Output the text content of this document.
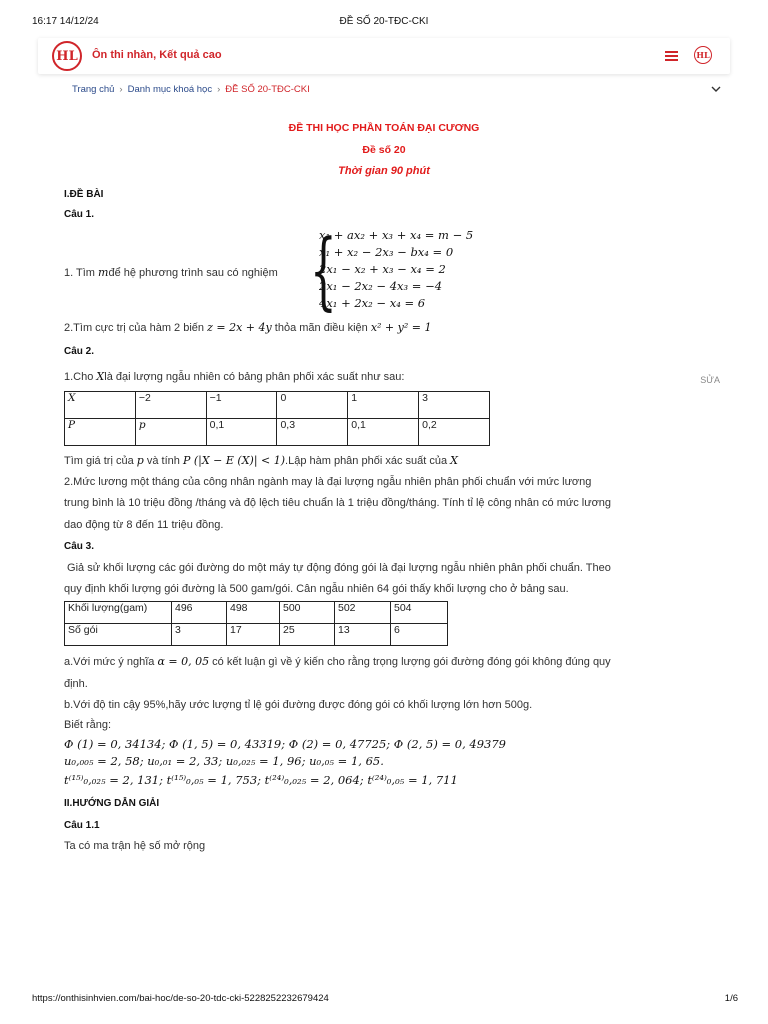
16:17 14/12/24	ĐỀ SỐ 20-TĐC-CKI
HL Ôn thi nhàn, Kết quả cao	HL
Trang chủ › Danh mục khoá học › ĐỀ SỐ 20-TĐC-CKI
ĐỀ THI HỌC PHẦN TOÁN ĐẠI CƯƠNG
Đề số 20
Thời gian 90 phút
I.ĐỀ BÀI
Câu 1.
1. Tìm mđể hệ phương trình sau có nghiệm {
x₁ + ax₂ + x₃ + x₄ = m − 5
x₁ + x₂ − 2x₃ − bx₄ = 0
2x₁ − x₂ + x₃ − x₄ = 2
2x₁ − 2x₂ − 4x₃ = −4
4x₁ + 2x₂ − x₄ = 6
2.Tìm cực trị của hàm 2 biến z = 2x + 4y thỏa mãn điều kiện x² + y² = 1
Câu 2.
1.Cho Xlà đại lượng ngẫu nhiên có bảng phân phối xác suất như sau:	SỬA
X	−2	−1	0	1	3
P	p	0,1	0,3	0,1	0,2
Tìm giá trị của p và tính P (|X − E (X)| < 1).Lập hàm phân phối xác suất của X
2.Mức lương một tháng của công nhân ngành may là đại lượng ngẫu nhiên phân phối chuẩn với mức lương
trung bình là 10 triệu đồng /tháng và độ lệch tiêu chuẩn là 1 triệu đồng/tháng. Tính tỉ lệ công nhân có mức lương
dao động từ 8 đến 11 triệu đồng.
Câu 3.
Giả sử khối lượng các gói đường do một máy tự động đóng gói là đại lượng ngẫu nhiên phân phối chuẩn. Theo
quy định khối lượng gói đường là 500 gam/gói. Cân ngẫu nhiên 64 gói thấy khối lượng cho ở bảng sau.
Khối lượng(gam)	496	498	500	502	504
Số gói	3	17	25	13	6
a.Với mức ý nghĩa α = 0, 05 có kết luận gì về ý kiến cho rằng trọng lượng gói đường đóng gói không đúng quy
định.
b.Với độ tin cậy 95%,hãy ước lượng tỉ lệ gói đường được đóng gói có khối lượng lớn hơn 500g.
Biết rằng:
Φ (1) = 0, 34134; Φ (1, 5) = 0, 43319; Φ (2) = 0, 47725; Φ (2, 5) = 0, 49379
u₀,₀₀₅ = 2, 58; u₀,₀₁ = 2, 33; u₀,₀₂₅ = 1, 96; u₀,₀₅ = 1, 65.
t⁽¹⁵⁾₀,₀₂₅ = 2, 131; t⁽¹⁵⁾₀,₀₅ = 1, 753; t⁽²⁴⁾₀,₀₂₅ = 2, 064; t⁽²⁴⁾₀,₀₅ = 1, 711
II.HƯỚNG DẪN GIẢI
Câu 1.1
Ta có ma trận hệ số mở rộng
https://onthisinhvien.com/bai-hoc/de-so-20-tdc-cki-5228252232679424	1/6
